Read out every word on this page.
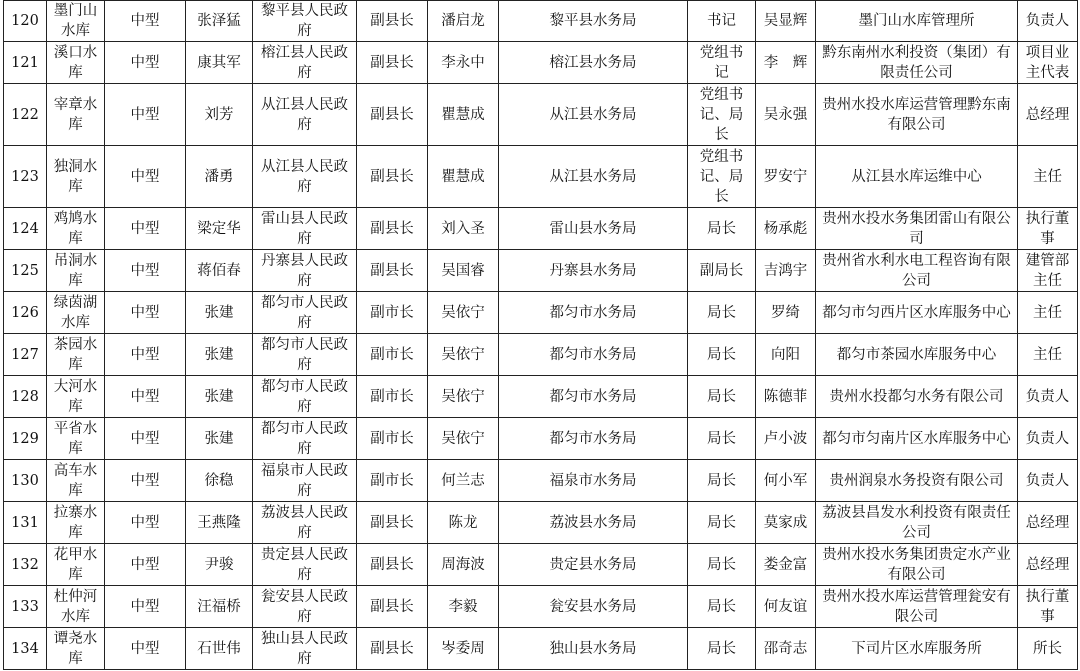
120	墨门山水库	中型	张泽猛	黎平县人民政府	副县长	潘启龙	黎平县水务局	书记	吴显辉	墨门山水库管理所	负责人
121	溪口水库	中型	康其军	榕江县人民政府	副县长	李永中	榕江县水务局	党组书记	李　辉	黔东南州水利投资（集团）有限责任公司	项目业主代表
122	宰章水库	中型	刘芳	从江县人民政府	副县长	瞿慧成	从江县水务局	党组书记、局长	吴永强	贵州水投水库运营管理黔东南有限公司	总经理
123	独洞水库	中型	潘勇	从江县人民政府	副县长	瞿慧成	从江县水务局	党组书记、局长	罗安宁	从江县水库运维中心	主任
124	鸡鸠水库	中型	梁定华	雷山县人民政府	副县长	刘入圣	雷山县水务局	局长	杨承彪	贵州水投水务集团雷山有限公司	执行董事
125	吊洞水库	中型	蒋佰春	丹寨县人民政府	副县长	吴国睿	丹寨县水务局	副局长	吉鸿宇	贵州省水利水电工程咨询有限公司	建管部主任
126	绿茵湖水库	中型	张建	都匀市人民政府	副市长	吴依宁	都匀市水务局	局长	罗绮	都匀市匀西片区水库服务中心	主任
127	茶园水库	中型	张建	都匀市人民政府	副市长	吴依宁	都匀市水务局	局长	向阳	都匀市茶园水库服务中心	主任
128	大河水库	中型	张建	都匀市人民政府	副市长	吴依宁	都匀市水务局	局长	陈德菲	贵州水投都匀水务有限公司	负责人
129	平省水库	中型	张建	都匀市人民政府	副市长	吴依宁	都匀市水务局	局长	卢小波	都匀市匀南片区水库服务中心	负责人
130	高车水库	中型	徐稳	福泉市人民政府	副市长	何兰志	福泉市水务局	局长	何小军	贵州润泉水务投资有限公司	负责人
131	拉寨水库	中型	王燕隆	荔波县人民政府	副县长	陈龙	荔波县水务局	局长	莫家成	荔波县昌发水利投资有限责任公司	总经理
132	花甲水库	中型	尹骏	贵定县人民政府	副县长	周海波	贵定县水务局	局长	娄金富	贵州水投水务集团贵定水产业有限公司	总经理
133	杜仲河水库	中型	汪福桥	瓮安县人民政府	副县长	李毅	瓮安县水务局	局长	何友谊	贵州水投水库运营管理瓮安有限公司	执行董事
134	谭尧水库	中型	石世伟	独山县人民政府	副县长	岑委周	独山县水务局	局长	邵奇志	下司片区水库服务所	所长
